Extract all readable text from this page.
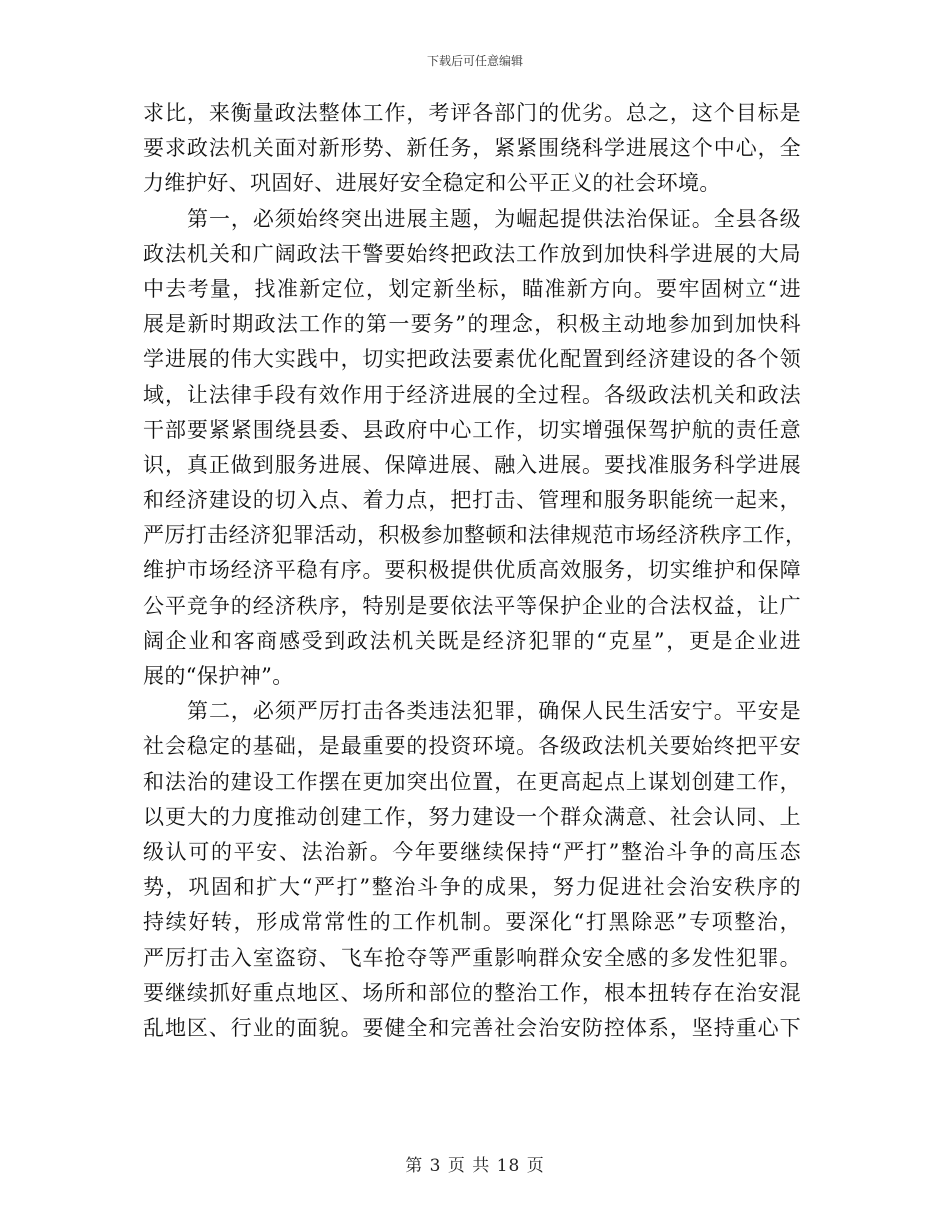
下载后可任意编辑
求比，来衡量政法整体工作，考评各部门的优劣。总之，这个目标是
要求政法机关面对新形势、新任务，紧紧围绕科学进展这个中心，全
力维护好、巩固好、进展好安全稳定和公平正义的社会环境。
第一，必须始终突出进展主题，为崛起提供法治保证。全县各级
政法机关和广阔政法干警要始终把政法工作放到加快科学进展的大局
中去考量，找准新定位，划定新坐标，瞄准新方向。要牢固树立“进
展是新时期政法工作的第一要务”的理念，积极主动地参加到加快科
学进展的伟大实践中，切实把政法要素优化配置到经济建设的各个领
域，让法律手段有效作用于经济进展的全过程。各级政法机关和政法
干部要紧紧围绕县委、县政府中心工作，切实增强保驾护航的责任意
识，真正做到服务进展、保障进展、融入进展。要找准服务科学进展
和经济建设的切入点、着力点，把打击、管理和服务职能统一起来，
严厉打击经济犯罪活动，积极参加整顿和法律规范市场经济秩序工作，
维护市场经济平稳有序。要积极提供优质高效服务，切实维护和保障
公平竞争的经济秩序，特别是要依法平等保护企业的合法权益，让广
阔企业和客商感受到政法机关既是经济犯罪的“克星”，更是企业进
展的“保护神”。
第二，必须严厉打击各类违法犯罪，确保人民生活安宁。平安是
社会稳定的基础，是最重要的投资环境。各级政法机关要始终把平安
和法治的建设工作摆在更加突出位置，在更高起点上谋划创建工作，
以更大的力度推动创建工作，努力建设一个群众满意、社会认同、上
级认可的平安、法治新。今年要继续保持“严打”整治斗争的高压态
势，巩固和扩大“严打”整治斗争的成果，努力促进社会治安秩序的
持续好转，形成常常性的工作机制。要深化“打黑除恶”专项整治，
严厉打击入室盗窃、飞车抢夺等严重影响群众安全感的多发性犯罪。
要继续抓好重点地区、场所和部位的整治工作，根本扭转存在治安混
乱地区、行业的面貌。要健全和完善社会治安防控体系，坚持重心下
第 3 页 共 18 页
